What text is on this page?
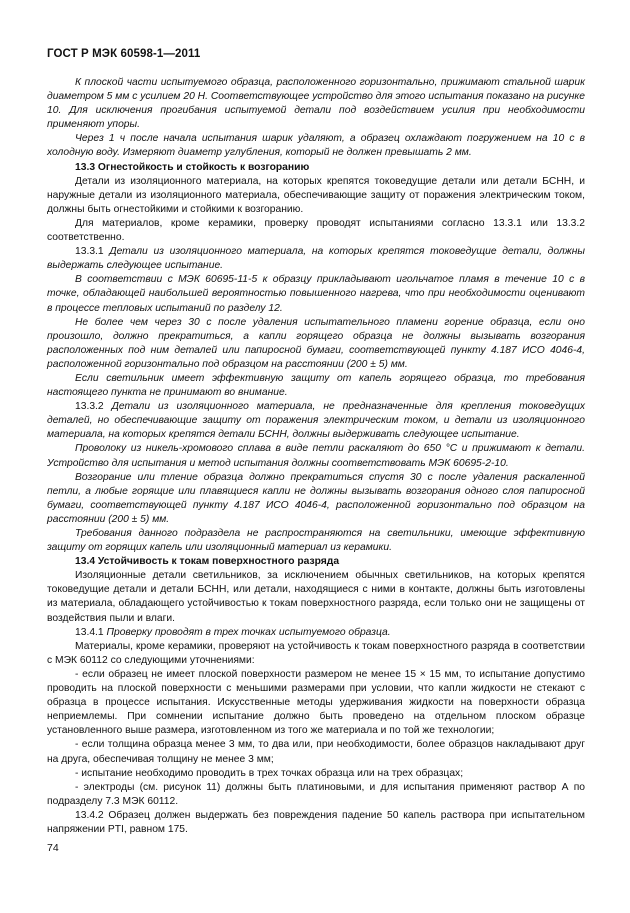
ГОСТ Р МЭК 60598-1—2011

К плоской части испытуемого образца, расположенного горизонтально, прижимают стальной шарик диаметром 5 мм с усилием 20 Н. Соответствующее устройство для этого испытания показано на рисунке 10. Для исключения прогибания испытуемой детали под воздействием усилия при необходимости применяют упоры.

Через 1 ч после начала испытания шарик удаляют, а образец охлаждают погружением на 10 с в холодную воду. Измеряют диаметр углубления, который не должен превышать 2 мм.

13.3 Огнестойкость и стойкость к возгоранию

Детали из изоляционного материала, на которых крепятся токоведущие детали или детали БСНН, и наружные детали из изоляционного материала, обеспечивающие защиту от поражения электрическим током, должны быть огнестойкими и стойкими к возгоранию.

Для материалов, кроме керамики, проверку проводят испытаниями согласно 13.3.1 или 13.3.2 соответственно.

13.3.1 Детали из изоляционного материала, на которых крепятся токоведущие детали, должны выдержать следующее испытание.

В соответствии с МЭК 60695-11-5 к образцу прикладывают игольчатое пламя в течение 10 с в точке, обладающей наибольшей вероятностью повышенного нагрева, что при необходимости оценивают в процессе тепловых испытаний по разделу 12.

Не более чем через 30 с после удаления испытательного пламени горение образца, если оно произошло, должно прекратиться, а капли горящего образца не должны вызывать возгорания расположенных под ним деталей или папиросной бумаги, соответствующей пункту 4.187 ИСО 4046-4, расположенной горизонтально под образцом на расстоянии (200 ± 5) мм.

Если светильник имеет эффективную защиту от капель горящего образца, то требования настоящего пункта не принимают во внимание.

13.3.2 Детали из изоляционного материала, не предназначенные для крепления токоведущих деталей, но обеспечивающие защиту от поражения электрическим током, и детали из изоляционного материала, на которых крепятся детали БСНН, должны выдерживать следующее испытание.

Проволоку из никель-хромового сплава в виде петли раскаляют до 650 °С и прижимают к детали. Устройство для испытания и метод испытания должны соответствовать МЭК 60695-2-10.

Возгорание или тление образца должно прекратиться спустя 30 с после удаления раскаленной петли, а любые горящие или плавящиеся капли не должны вызывать возгорания одного слоя папиросной бумаги, соответствующей пункту 4.187 ИСО 4046-4, расположенной горизонтально под образцом на расстоянии (200 ± 5) мм.

Требования данного подраздела не распространяются на светильники, имеющие эффективную защиту от горящих капель или изоляционный материал из керамики.

13.4 Устойчивость к токам поверхностного разряда

Изоляционные детали светильников, за исключением обычных светильников, на которых крепятся токоведущие детали и детали БСНН, или детали, находящиеся с ними в контакте, должны быть изготовлены из материала, обладающего устойчивостью к токам поверхностного разряда, если только они не защищены от воздействия пыли и влаги.

13.4.1 Проверку проводят в трех точках испытуемого образца.

Материалы, кроме керамики, проверяют на устойчивость к токам поверхностного разряда в соответствии с МЭК 60112 со следующими уточнениями:

- если образец не имеет плоской поверхности размером не менее 15 × 15 мм, то испытание допустимо проводить на плоской поверхности с меньшими размерами при условии, что капли жидкости не стекают с образца в процессе испытания. Искусственные методы удерживания жидкости на поверхности образца неприемлемы. При сомнении испытание должно быть проведено на отдельном плоском образце установленного выше размера, изготовленном из того же материала и по той же технологии;

- если толщина образца менее 3 мм, то два или, при необходимости, более образцов накладывают друг на друга, обеспечивая толщину не менее 3 мм;

- испытание необходимо проводить в трех точках образца или на трех образцах;

- электроды (см. рисунок 11) должны быть платиновыми, и для испытания применяют раствор А по подразделу 7.3 МЭК 60112.

13.4.2 Образец должен выдержать без повреждения падение 50 капель раствора при испытательном напряжении PTI, равном 175.

74
